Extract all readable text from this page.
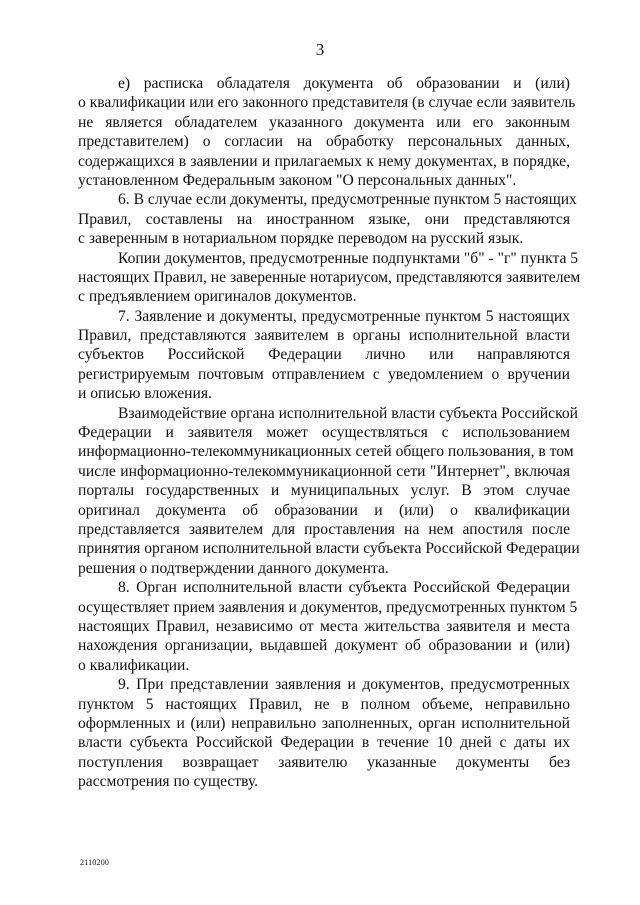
3
е) расписка обладателя документа об образовании и (или)
о квалификации или его законного представителя (в случае если заявитель
не является обладателем указанного документа или его законным
представителем) о согласии на обработку персональных данных,
содержащихся в заявлении и прилагаемых к нему документах, в порядке,
установленном Федеральным законом "О персональных данных".
6. В случае если документы, предусмотренные пунктом 5 настоящих
Правил, составлены на иностранном языке, они представляются
с заверенным в нотариальном порядке переводом на русский язык.
Копии документов, предусмотренные подпунктами "б" - "г" пункта 5
настоящих Правил, не заверенные нотариусом, представляются заявителем
с предъявлением оригиналов документов.
7. Заявление и документы, предусмотренные пунктом 5 настоящих
Правил, представляются заявителем в органы исполнительной власти
субъектов Российской Федерации лично или направляются
регистрируемым почтовым отправлением с уведомлением о вручении
и описью вложения.
Взаимодействие органа исполнительной власти субъекта Российской
Федерации и заявителя может осуществляться с использованием
информационно-телекоммуникационных сетей общего пользования, в том
числе информационно-телекоммуникационной сети "Интернет", включая
порталы государственных и муниципальных услуг. В этом случае
оригинал документа об образовании и (или) о квалификации
представляется заявителем для проставления на нем апостиля после
принятия органом исполнительной власти субъекта Российской Федерации
решения о подтверждении данного документа.
8. Орган исполнительной власти субъекта Российской Федерации
осуществляет прием заявления и документов, предусмотренных пунктом 5
настоящих Правил, независимо от места жительства заявителя и места
нахождения организации, выдавшей документ об образовании и (или)
о квалификации.
9. При представлении заявления и документов, предусмотренных
пунктом 5 настоящих Правил, не в полном объеме, неправильно
оформленных и (или) неправильно заполненных, орган исполнительной
власти субъекта Российской Федерации в течение 10 дней с даты их
поступления возвращает заявителю указанные документы без
рассмотрения по существу.
2110200
